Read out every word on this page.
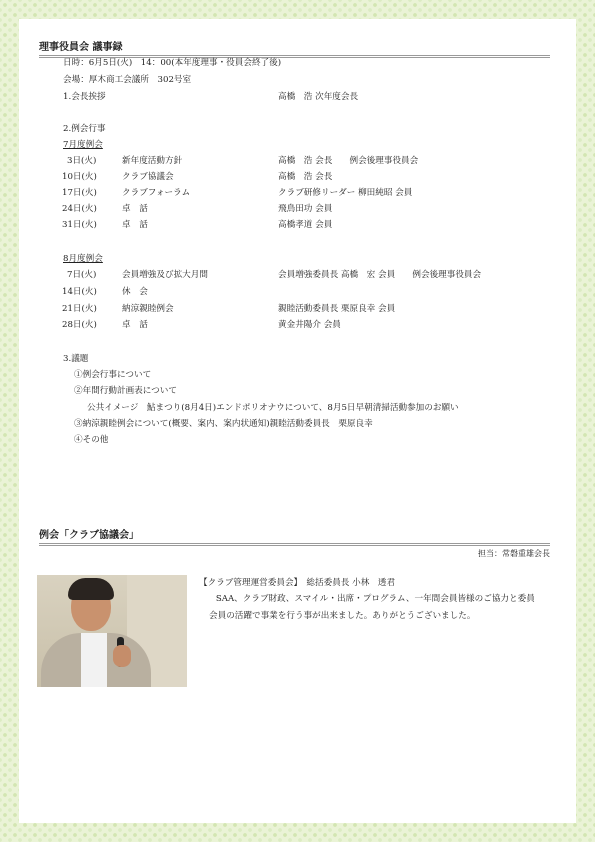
理事役員会 議事録
日時：6月5日(火)　14：00(本年度理事・役員会終了後)
会場：厚木商工会議所　302号室
1.会長挨拶	高橋　浩 次年度会長
2.例会行事
7月度例会
3日(火)	新年度活動方針	高橋　浩 会長　　例会後理事役員会
10日(火)	クラブ協議会	高橋　浩 会長
17日(火)	クラブフォーラム	クラブ研修リーダー 柳田純昭 会員
24日(火)	卓　話	飛鳥田功 会員
31日(火)	卓　話	高橋孝道 会員
8月度例会
7日(火)	会員増強及び拡大月間	会員増強委員長 高橋　宏 会員　　例会後理事役員会
14日(火)	休　会
21日(火)	納涼親睦例会	親睦活動委員長 栗原良幸 会員
28日(火)	卓　話	黄金井陽介 会員
3.議題
①例会行事について
②年間行動計画表について
公共イメージ　鮎まつり(8月4日)エンドポリオナウについて、8月5日早朝清掃活動参加のお願い
③納涼親睦例会について(概要、案内、案内状通知)親睦活動委員長　栗原良幸
④その他
例会「クラブ協議会」
担当：常磐重雄会長
【クラブ管理運営委員会】　総括委員長 小林　透君
SAA、クラブ財政、スマイル・出席・プログラム、一年間会員皆様のご協力と委員会員の活躍で事業を行う事が出来ました。ありがとうございました。
